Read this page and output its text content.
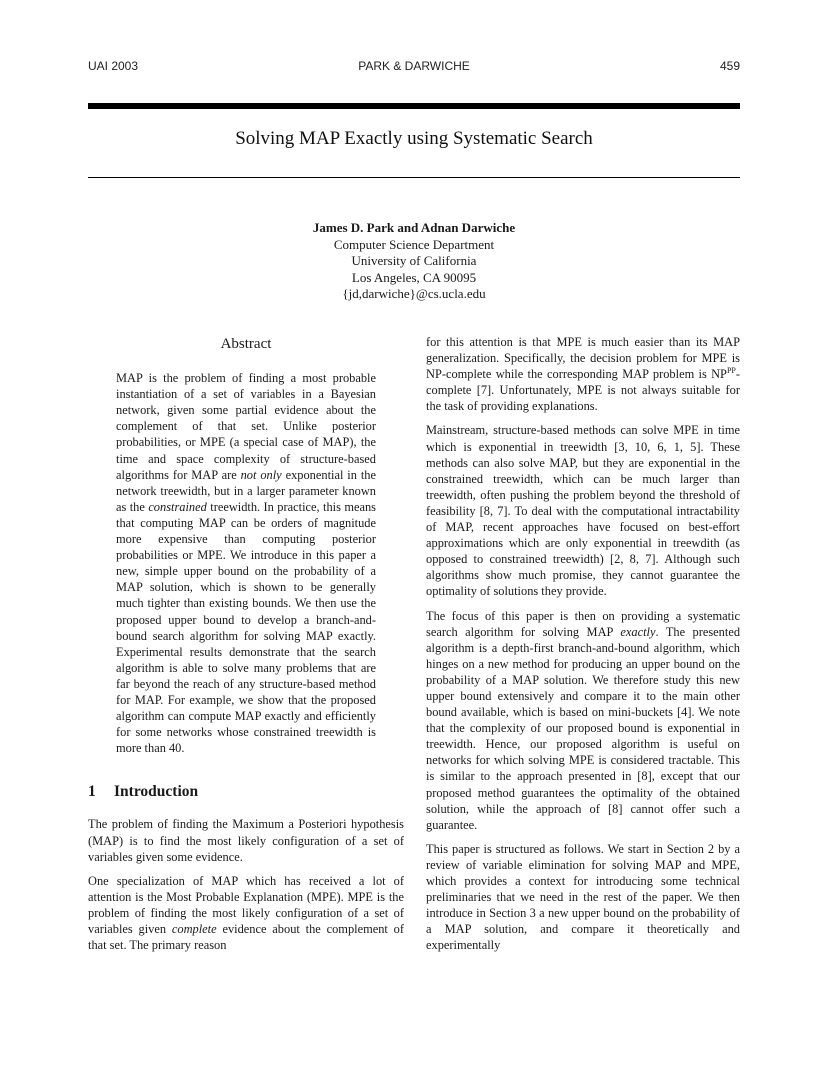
UAI 2003	PARK & DARWICHE	459
Solving MAP Exactly using Systematic Search
James D. Park and Adnan Darwiche
Computer Science Department
University of California
Los Angeles, CA 90095
{jd,darwiche}@cs.ucla.edu
Abstract
MAP is the problem of finding a most probable instantiation of a set of variables in a Bayesian network, given some partial evidence about the complement of that set. Unlike posterior probabilities, or MPE (a special case of MAP), the time and space complexity of structure-based algorithms for MAP are not only exponential in the network treewidth, but in a larger parameter known as the constrained treewidth. In practice, this means that computing MAP can be orders of magnitude more expensive than computing posterior probabilities or MPE. We introduce in this paper a new, simple upper bound on the probability of a MAP solution, which is shown to be generally much tighter than existing bounds. We then use the proposed upper bound to develop a branch-and-bound search algorithm for solving MAP exactly. Experimental results demonstrate that the search algorithm is able to solve many problems that are far beyond the reach of any structure-based method for MAP. For example, we show that the proposed algorithm can compute MAP exactly and efficiently for some networks whose constrained treewidth is more than 40.
1 Introduction

The problem of finding the Maximum a Posteriori hypothesis (MAP) is to find the most likely configuration of a set of variables given some evidence.

One specialization of MAP which has received a lot of attention is the Most Probable Explanation (MPE). MPE is the problem of finding the most likely configuration of a set of variables given complete evidence about the complement of that set. The primary reason

for this attention is that MPE is much easier than its MAP generalization. Specifically, the decision problem for MPE is NP-complete while the corresponding MAP problem is $NP^{PP}$-complete [7]. Unfortunately, MPE is not always suitable for the task of providing explanations.

Mainstream, structure-based methods can solve MPE in time which is exponential in treewidth [3, 10, 6, 1, 5]. These methods can also solve MAP, but they are exponential in the constrained treewidth, which can be much larger than treewidth, often pushing the problem beyond the threshold of feasibility [8, 7]. To deal with the computational intractability of MAP, recent approaches have focused on best-effort approximations which are only exponential in treewdith (as opposed to constrained treewidth) [2, 8, 7]. Although such algorithms show much promise, they cannot guarantee the optimality of solutions they provide.

The focus of this paper is then on providing a systematic search algorithm for solving MAP exactly. The presented algorithm is a depth-first branch-and-bound algorithm, which hinges on a new method for producing an upper bound on the probability of a MAP solution. We therefore study this new upper bound extensively and compare it to the main other bound available, which is based on mini-buckets [4]. We note that the complexity of our proposed bound is exponential in treewidth. Hence, our proposed algorithm is useful on networks for which solving MPE is considered tractable. This is similar to the approach presented in [8], except that our proposed method guarantees the optimality of the obtained solution, while the approach of [8] cannot offer such a guarantee.

This paper is structured as follows. We start in Section 2 by a review of variable elimination for solving MAP and MPE, which provides a context for introducing some technical preliminaries that we need in the rest of the paper. We then introduce in Section 3 a new upper bound on the probability of a MAP solution, and compare it theoretically and experimentally
